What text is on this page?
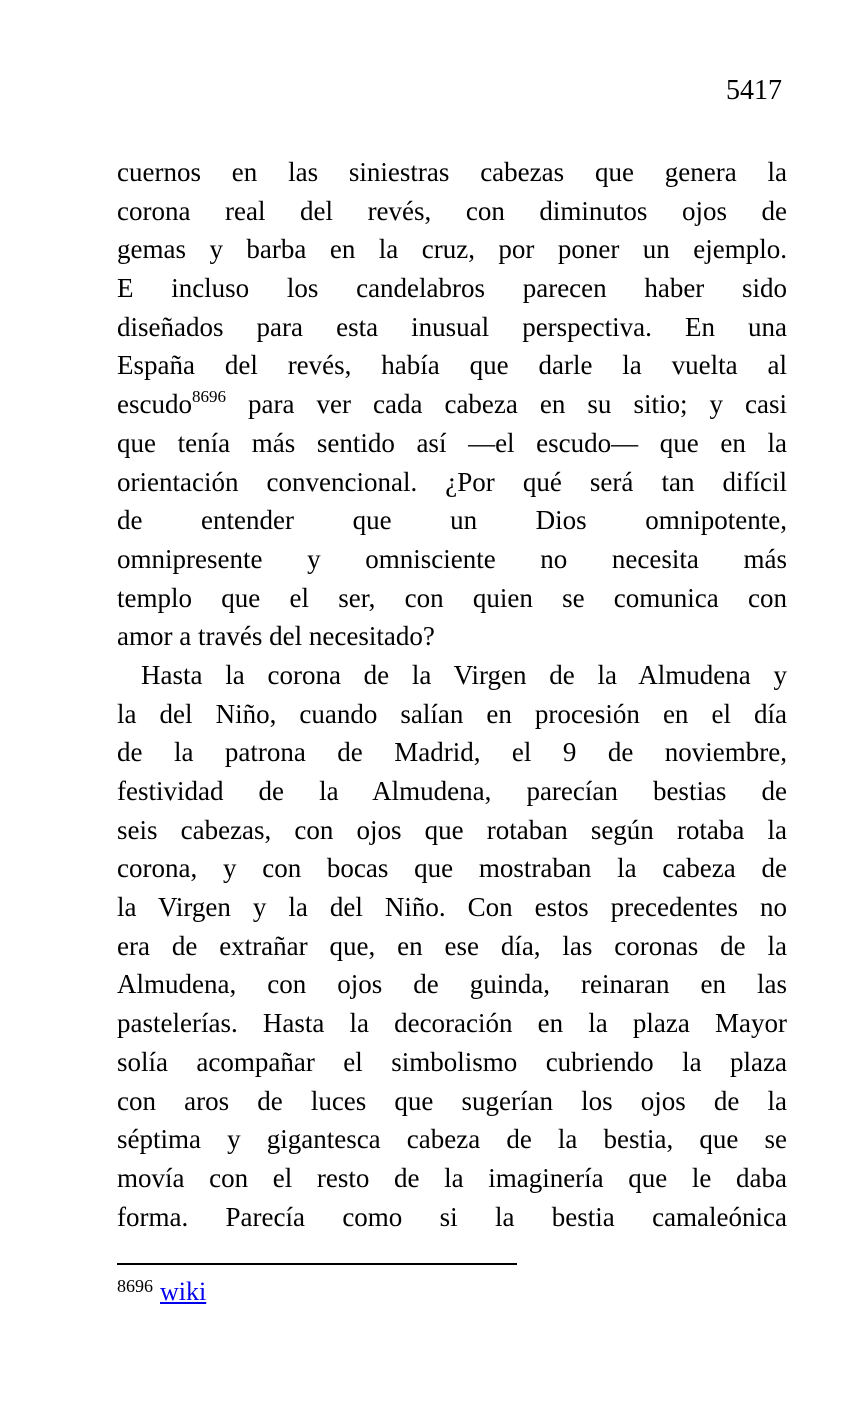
5417
cuernos en las siniestras cabezas que genera la
corona real del revés, con diminutos ojos de
gemas y barba en la cruz, por poner un ejemplo.
E incluso los candelabros parecen haber sido
diseñados para esta inusual perspectiva. En una
España del revés, había que darle la vuelta al
escudo$^{8696}$ para ver cada cabeza en su sitio; y casi
que tenía más sentido así —el escudo— que en la
orientación convencional. ¿Por qué será tan difícil
de entender que un Dios omnipotente,
omnipresente y omnisciente no necesita más
templo que el ser, con quien se comunica con
amor a través del necesitado?
Hasta la corona de la Virgen de la Almudena y
la del Niño, cuando salían en procesión en el día
de la patrona de Madrid, el 9 de noviembre,
festividad de la Almudena, parecían bestias de
seis cabezas, con ojos que rotaban según rotaba la
corona, y con bocas que mostraban la cabeza de
la Virgen y la del Niño. Con estos precedentes no
era de extrañar que, en ese día, las coronas de la
Almudena, con ojos de guinda, reinaran en las
pastelerías. Hasta la decoración en la plaza Mayor
solía acompañar el simbolismo cubriendo la plaza
con aros de luces que sugerían los ojos de la
séptima y gigantesca cabeza de la bestia, que se
movía con el resto de la imaginería que le daba
forma. Parecía como si la bestia camaleónica
$^{8696}$ wiki
